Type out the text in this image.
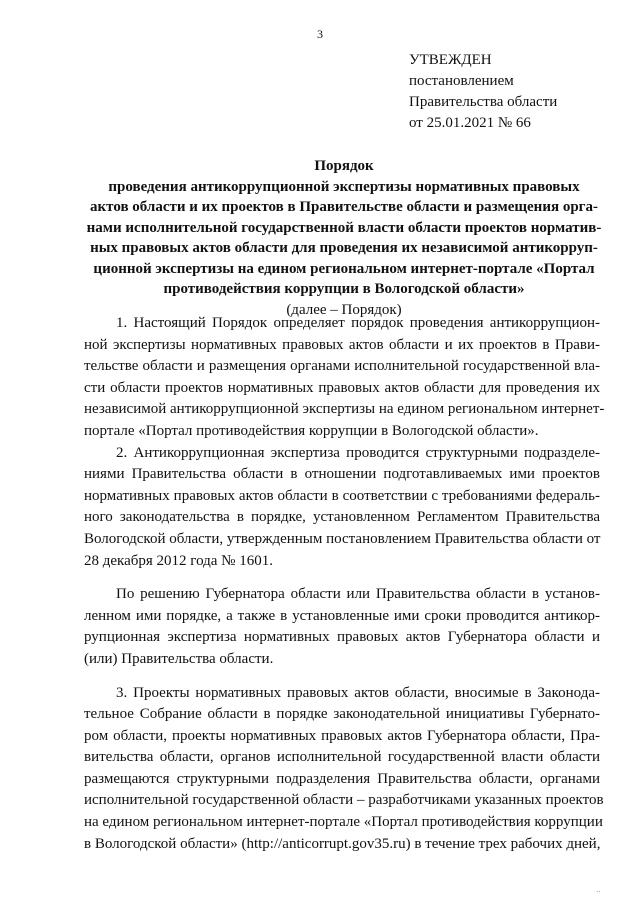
3
УТВЕЖДЕН
постановлением
Правительства области
от 25.01.2021 № 66
Порядок
проведения антикоррупционной экспертизы нормативных правовых
актов области и их проектов в Правительстве области и размещения орга-
нами исполнительной государственной власти области проектов норматив-
ных правовых актов области для проведения их независимой антикорруп-
ционной экспертизы на едином региональном интернет-портале «Портал
противодействия коррупции в Вологодской области»
(далее – Порядок)
1. Настоящий Порядок определяет порядок проведения антикоррупцион-
ной экспертизы нормативных правовых актов области и их проектов в Прави-
тельстве области и размещения органами исполнительной государственной вла-
сти области проектов нормативных правовых актов области для проведения их
независимой антикоррупционной экспертизы на едином региональном интернет-
портале «Портал противодействия коррупции в Вологодской области».
2. Антикоррупционная экспертиза проводится структурными подразделе-
ниями Правительства области в отношении подготавливаемых ими проектов
нормативных правовых актов области в соответствии с требованиями федераль-
ного законодательства в порядке, установленном Регламентом Правительства
Вологодской области, утвержденным постановлением Правительства области от
28 декабря 2012 года № 1601.
По решению Губернатора области или Правительства области в установ-
ленном ими порядке, а также в установленные ими сроки проводится антикор-
рупционная экспертиза нормативных правовых актов Губернатора области и
(или) Правительства области.
3. Проекты нормативных правовых актов области, вносимые в Законода-
тельное Собрание области в порядке законодательной инициативы Губернато-
ром области, проекты нормативных правовых актов Губернатора области, Пра-
вительства области, органов исполнительной государственной власти области
размещаются структурными подразделения Правительства области, органами
исполнительной государственной области – разработчиками указанных проектов
на едином региональном интернет-портале «Портал противодействия коррупции
в Вологодской области» (http://anticorrupt.gov35.ru) в течение трех рабочих дней,
··
